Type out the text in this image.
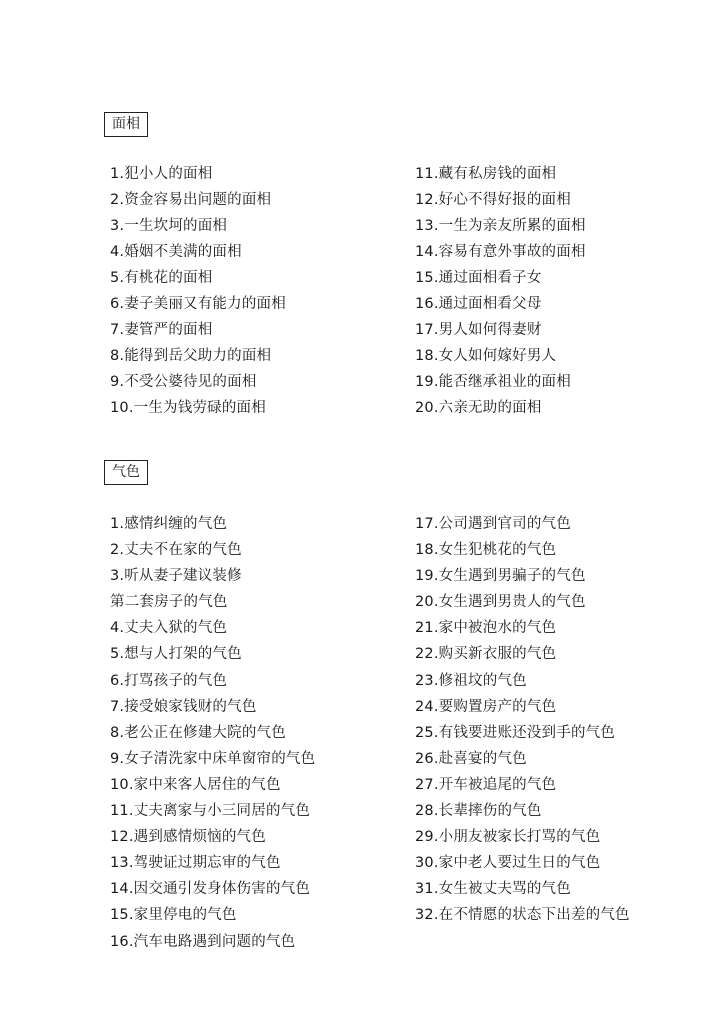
面相
1.犯小人的面相
2.资金容易出问题的面相
3.一生坎坷的面相
4.婚姻不美满的面相
5.有桃花的面相
6.妻子美丽又有能力的面相
7.妻管严的面相
8.能得到岳父助力的面相
9.不受公婆待见的面相
10.一生为钱劳碌的面相
11.藏有私房钱的面相
12.好心不得好报的面相
13.一生为亲友所累的面相
14.容易有意外事故的面相
15.通过面相看子女
16.通过面相看父母
17.男人如何得妻财
18.女人如何嫁好男人
19.能否继承祖业的面相
20.六亲无助的面相
气色
1.感情纠缠的气色
2.丈夫不在家的气色
3.听从妻子建议装修
第二套房子的气色
4.丈夫入狱的气色
5.想与人打架的气色
6.打骂孩子的气色
7.接受娘家钱财的气色
8.老公正在修建大院的气色
9.女子清洗家中床单窗帘的气色
10.家中来客人居住的气色
11.丈夫离家与小三同居的气色
12.遇到感情烦恼的气色
13.驾驶证过期忘审的气色
14.因交通引发身体伤害的气色
15.家里停电的气色
16.汽车电路遇到问题的气色
17.公司遇到官司的气色
18.女生犯桃花的气色
19.女生遇到男骗子的气色
20.女生遇到男贵人的气色
21.家中被泡水的气色
22.购买新衣服的气色
23.修祖坟的气色
24.要购置房产的气色
25.有钱要进账还没到手的气色
26.赴喜宴的气色
27.开车被追尾的气色
28.长辈摔伤的气色
29.小朋友被家长打骂的气色
30.家中老人要过生日的气色
31.女生被丈夫骂的气色
32.在不情愿的状态下出差的气色
